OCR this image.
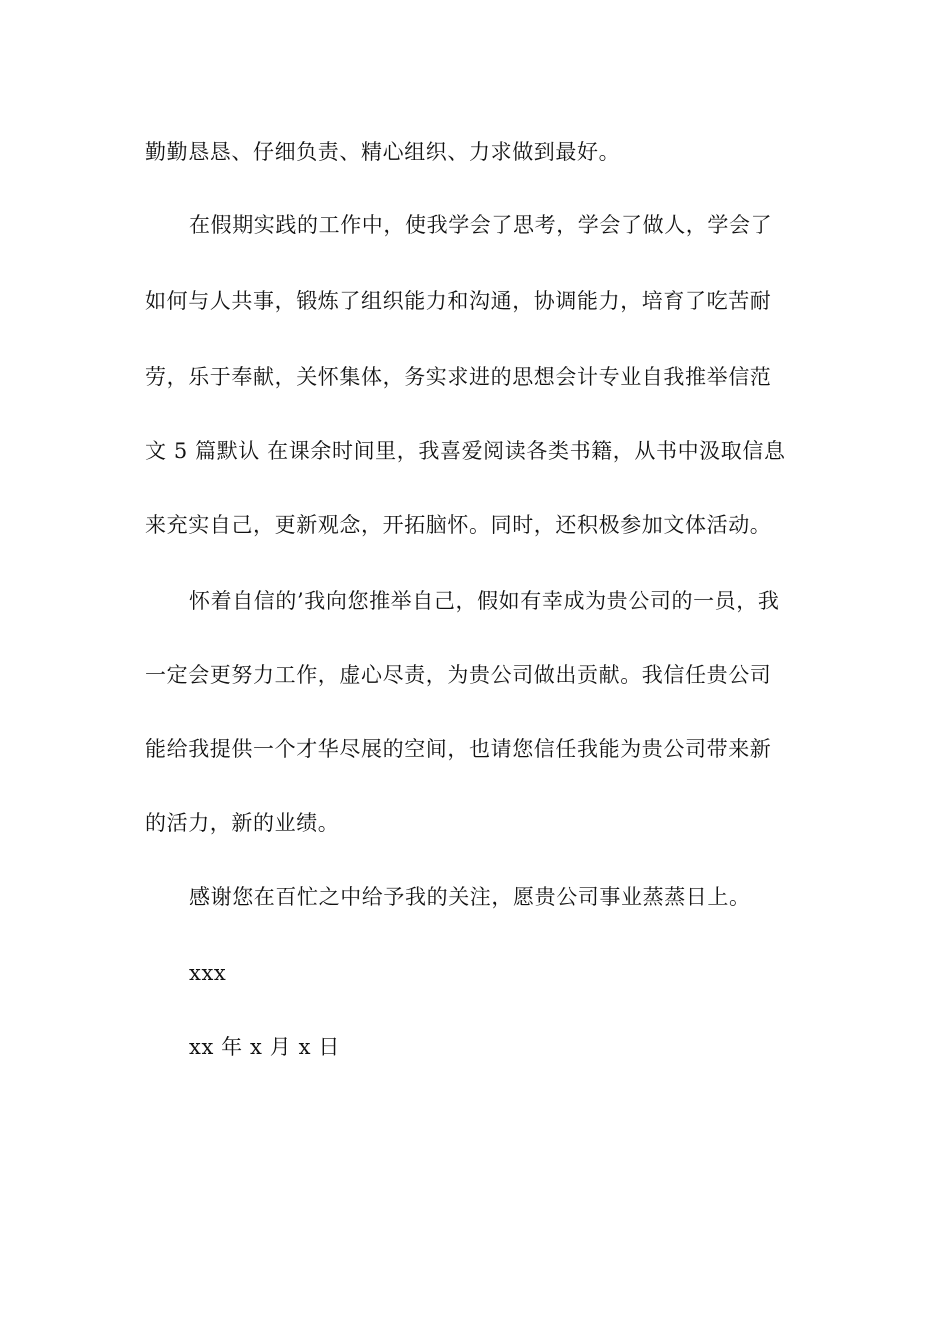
勤勤恳恳、仔细负责、精心组织、力求做到最好。
在假期实践的工作中，使我学会了思考，学会了做人，学会了
如何与人共事，锻炼了组织能力和沟通，协调能力，培育了吃苦耐
劳，乐于奉献，关怀集体，务实求进的思想会计专业自我推举信范
文 5 篇默认 在课余时间里，我喜爱阅读各类书籍，从书中汲取信息
来充实自己，更新观念，开拓脑怀。同时，还积极参加文体活动。
怀着自信的’我向您推举自己，假如有幸成为贵公司的一员，我
一定会更努力工作，虚心尽责，为贵公司做出贡献。我信任贵公司
能给我提供一个才华尽展的空间，也请您信任我能为贵公司带来新
的活力，新的业绩。
感谢您在百忙之中给予我的关注，愿贵公司事业蒸蒸日上。
xxx
xx 年 x 月 x 日
